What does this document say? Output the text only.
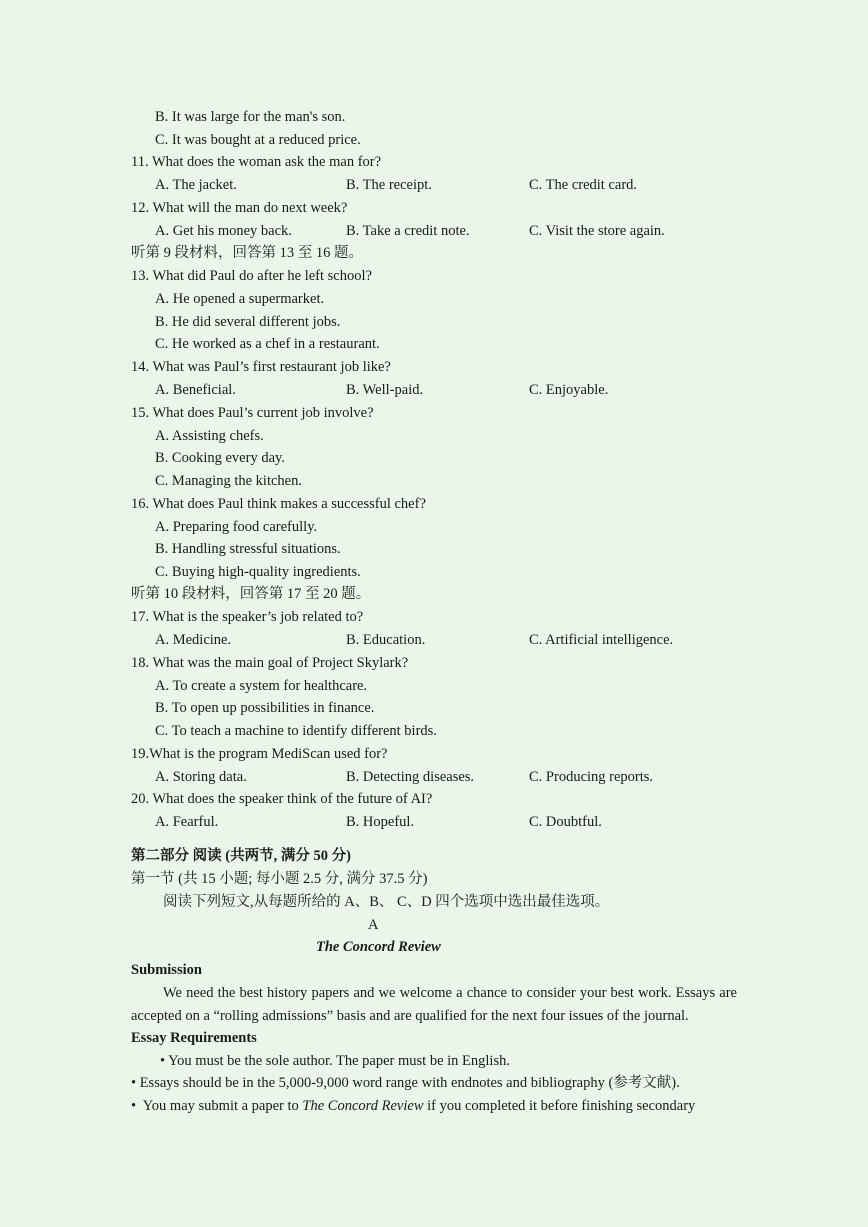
B. It was large for the man's son.
C. It was bought at a reduced price.
11. What does the woman ask the man for?
A. The jacket.	B. The receipt.	C. The credit card.
12. What will the man do next week?
A. Get his money back.	B. Take a credit note.	C. Visit the store again.
听第 9 段材料，回答第 13 至 16 题。
13. What did Paul do after he left school?
A. He opened a supermarket.
B. He did several different jobs.
C. He worked as a chef in a restaurant.
14. What was Paul’s first restaurant job like?
A. Beneficial.	B. Well-paid.	C. Enjoyable.
15. What does Paul’s current job involve?
A. Assisting chefs.
B. Cooking every day.
C. Managing the kitchen.
16. What does Paul think makes a successful chef?
A. Preparing food carefully.
B. Handling stressful situations.
C. Buying high-quality ingredients.
听第 10 段材料，回答第 17 至 20 题。
17. What is the speaker’s job related to?
A. Medicine.	B. Education.	C. Artificial intelligence.
18. What was the main goal of Project Skylark?
A. To create a system for healthcare.
B. To open up possibilities in finance.
C. To teach a machine to identify different birds.
19.What is the program MediScan used for?
A. Storing data.	B. Detecting diseases.	C. Producing reports.
20. What does the speaker think of the future of AI?
A. Fearful.	B. Hopeful.	C. Doubtful.
第二部分 阅读 (共两节, 满分 50 分)
第一节 (共 15 小题; 每小题 2.5 分, 满分 37.5 分)
阅读下列短文,从每题所给的 A、B、 C、D 四个选项中选出最佳选项。
A
The Concord Review
Submission
We need the best history papers and we welcome a chance to consider your best work. Essays are accepted on a “rolling admissions” basis and are qualified for the next four issues of the journal.
Essay Requirements
• You must be the sole author. The paper must be in English.
• Essays should be in the 5,000-9,000 word range with endnotes and bibliography (参考文献).
•  You may submit a paper to The Concord Review if you completed it before finishing secondary
